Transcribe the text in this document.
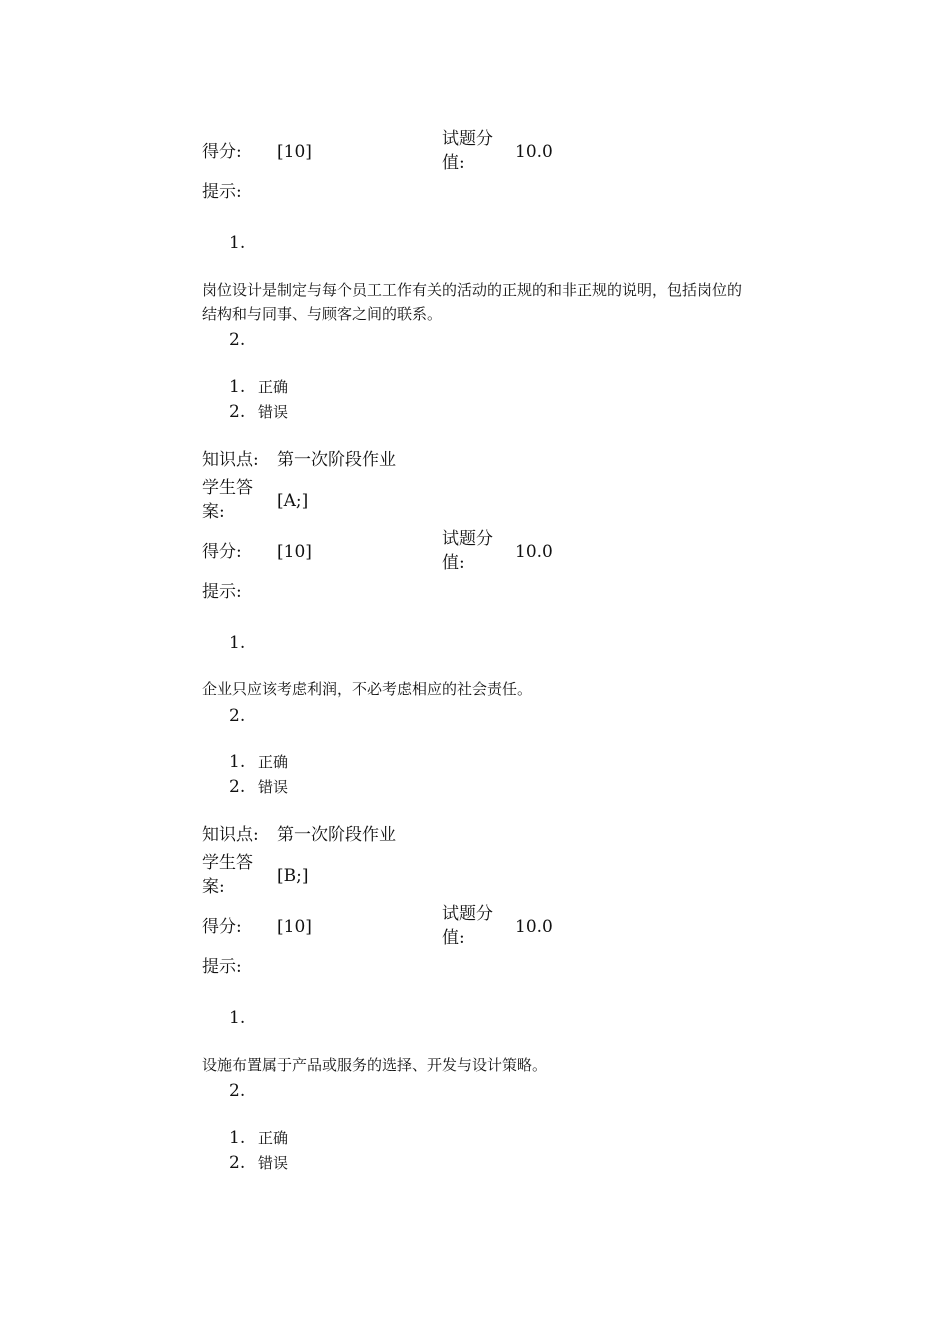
得分: [10]
试题分
值:
10.0
提示:
1.
岗位设计是制定与每个员工工作有关的活动的正规的和非正规的说明，包括岗位的
结构和与同事、与顾客之间的联系。
2.
1. 正确
2. 错误
知识点: 第一次阶段作业
学生答
案:
[A;]
得分: [10]
试题分
值:
10.0
提示:
1.
企业只应该考虑利润，不必考虑相应的社会责任。
2.
1. 正确
2. 错误
知识点: 第一次阶段作业
学生答
案:
[B;]
得分: [10]
试题分
值:
10.0
提示:
1.
设施布置属于产品或服务的选择、开发与设计策略。
2.
1. 正确
2. 错误
